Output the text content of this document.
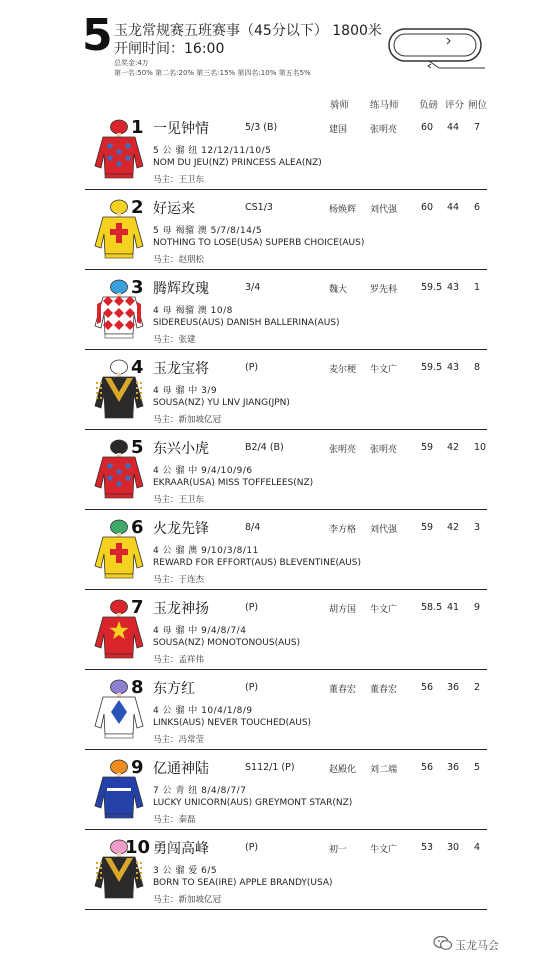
5 玉龙常规赛五班赛事（45分以下） 1800米
开闸时间：16:00
总奖金:4万
第一名:50% 第二名:20% 第三名:15% 第四名:10% 第五名5%
骑师 练马师 负磅 评分 闸位
1 一见钟情	5/3 (B)	建国	张明亮	60 44 7
5 公 骝 纽 12/12/11/10/5
NOM DU JEU(NZ) PRINCESS ALEA(NZ)
马主：王卫东
2 好运来	CS1/3	杨焕辉 刘代强	60 44 6
5 母 褐骝 澳 5/7/8/14/5
NOTHING TO LOSE(USA) SUPERB CHOICE(AUS)
马主：赵朋松
3 腾辉玫瑰	3/4	魏大	罗先科	59.5 43 1
4 母 褐骝 澳 10/8
SIDEREUS(AUS) DANISH BALLERINA(AUS)
马主：张建
4 玉龙宝将	(P)	麦尔梗 牛文广	59.5 43 8
4 母 骝 中 3/9
SOUSA(NZ) YU LNV JIANG(JPN)
马主：新加坡亿冠
5 东兴小虎	B2/4 (B)	张明亮 张明亮	59 42 10
4 公 骝 中 9/4/10/9/6
EKRAAR(USA) MISS TOFFELEES(NZ)
马主：王卫东
6 火龙先锋	8/4	李方格 刘代强	59 42 3
4 公 骝 澳 9/10/3/8/11
REWARD FOR EFFORT(AUS) BLEVENTINE(AUS)
马主：于连杰
7 玉龙神扬	(P)	胡方国 牛文广	58.5 41 9
4 母 骝 中 9/4/8/7/4
SOUSA(NZ) MONOTONOUS(AUS)
马主：孟祥伟
8 东方红	(P)	董春宏 董春宏	56 36 2
4 公 骝 中 10/4/1/8/9
LINKS(AUS) NEVER TOUCHED(AUS)
马主：冯常莹
9 亿通神陆	S112/1 (P)	赵殿化 刘二端	56 36 5
7 公 青 纽 8/4/8/7/7
LUCKY UNICORN(AUS) GREYMONT STAR(NZ)
马主：秦磊
10 勇闯高峰	(P)	初一	牛文广	53 30 4
3 公 骝 爱 6/5
BORN TO SEA(IRE) APPLE BRANDY(USA)
马主：新加坡亿冠
玉龙马会
